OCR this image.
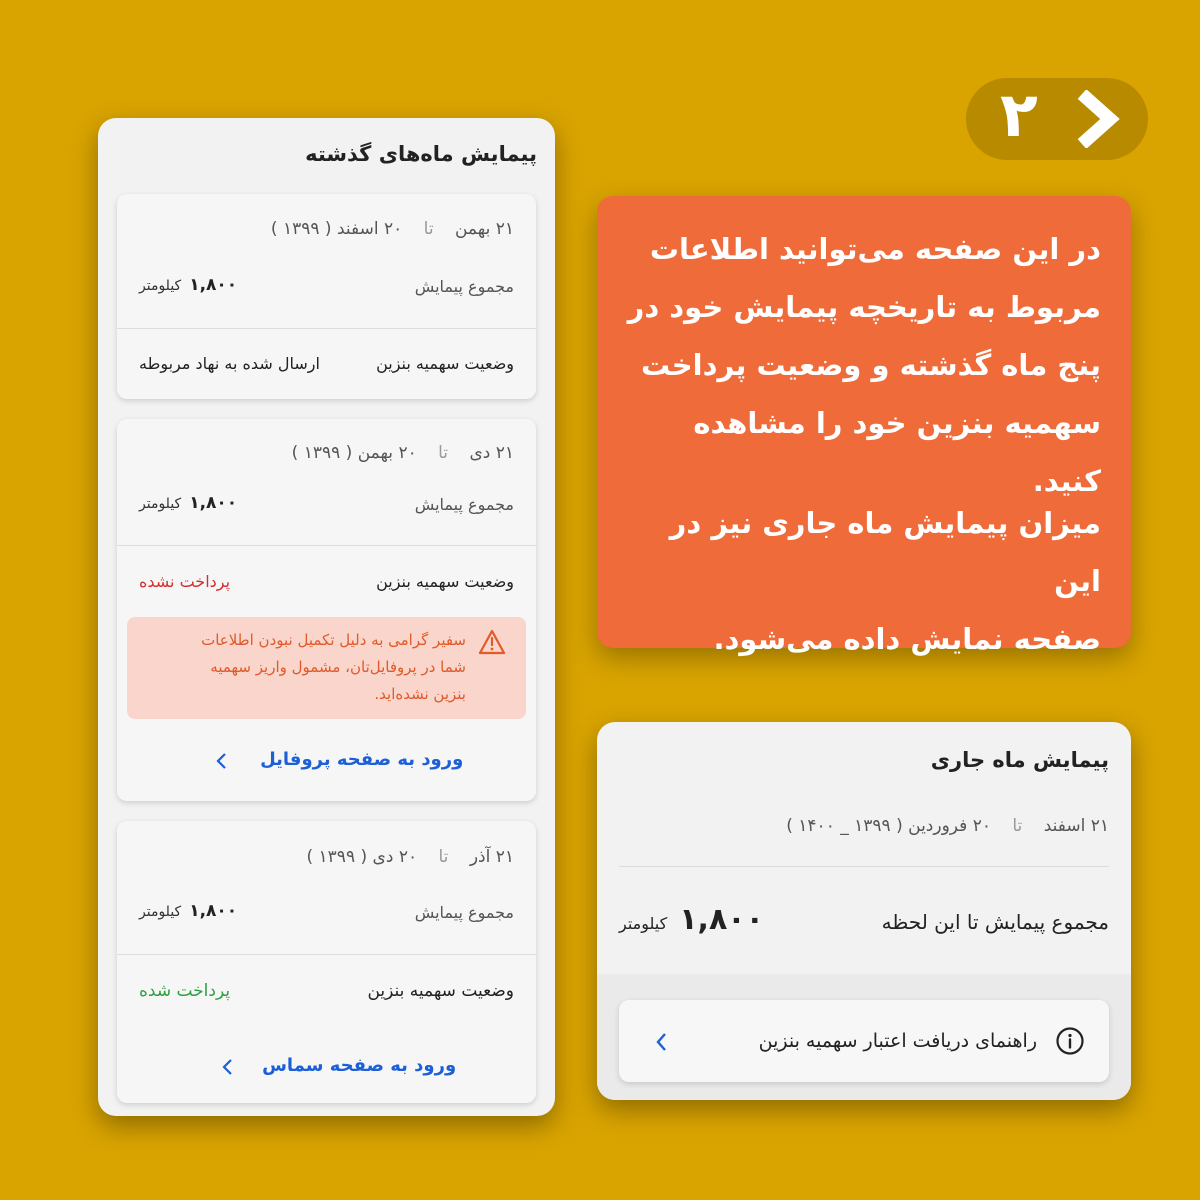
۲
پیمایش ماه‌های گذشته
۲۱ بهمن تا ۲۰ اسفند ( ۱۳۹۹ )
مجموع پیمایش
۱,۸۰۰کیلومتر
وضعیت سهمیه بنزین
ارسال شده به نهاد مربوطه
۲۱ دی تا ۲۰ بهمن ( ۱۳۹۹ )
مجموع پیمایش
۱,۸۰۰کیلومتر
وضعیت سهمیه بنزین
پرداخت نشده
سفیر گرامی به دلیل تکمیل نبودن اطلاعات
شما در پروفایل‌تان، مشمول واریز سهمیه
بنزین نشده‌اید.
ورود به صفحه پروفایل
۲۱ آذر تا ۲۰ دی ( ۱۳۹۹ )
مجموع پیمایش
۱,۸۰۰کیلومتر
وضعیت سهمیه بنزین
پرداخت شده
ورود به صفحه سماس

در این صفحه می‌توانید اطلاعات
مربوط به تاریخچه پیمایش خود در
پنج ماه گذشته و وضعیت پرداخت
سهمیه بنزین خود را مشاهده کنید.

میزان پیمایش ماه جاری نیز در این
صفحه نمایش داده می‌شود.

پیمایش ماه جاری
۲۱ اسفند تا ۲۰ فروردین ( ۱۳۹۹ _ ۱۴۰۰ )
مجموع پیمایش تا این لحظه
۱,۸۰۰کیلومتر
راهنمای دریافت اعتبار سهمیه بنزین
